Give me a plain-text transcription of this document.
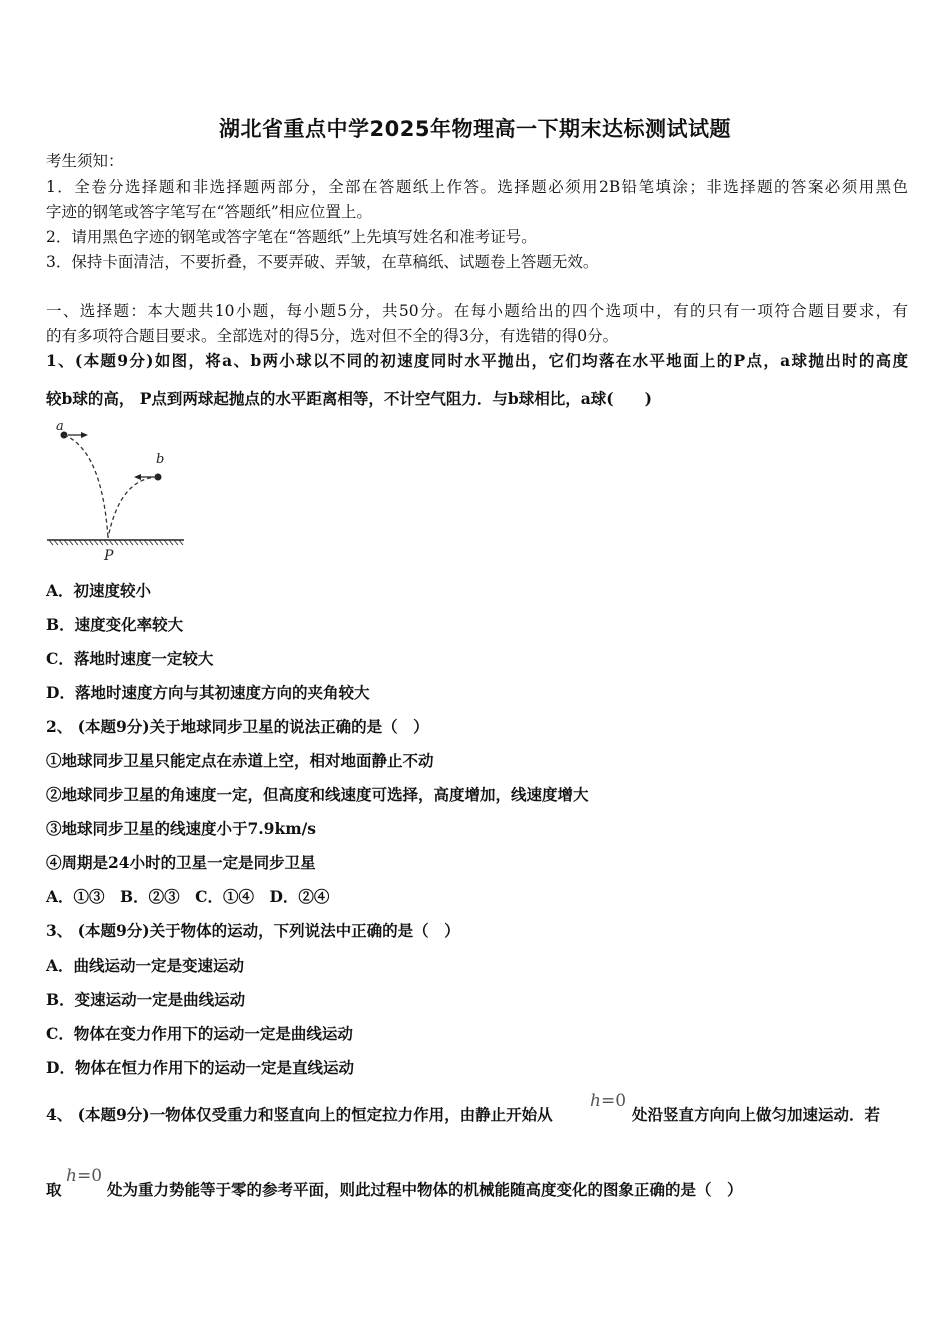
湖北省重点中学2025年物理高一下期末达标测试试题
考生须知：
1．全卷分选择题和非选择题两部分，全部在答题纸上作答。选择题必须用2B铅笔填涂；非选择题的答案必须用黑色
字迹的钢笔或答字笔写在“答题纸”相应位置上。
2．请用黑色字迹的钢笔或答字笔在“答题纸”上先填写姓名和准考证号。
3．保持卡面清洁，不要折叠，不要弄破、弄皱，在草稿纸、试题卷上答题无效。
一、选择题：本大题共10小题，每小题5分，共50分。在每小题给出的四个选项中，有的只有一项符合题目要求，有
的有多项符合题目要求。全部选对的得5分，选对但不全的得3分，有选错的得0分。
1、(本题9分)如图，将a、b两小球以不同的初速度同时水平抛出，它们均落在水平地面上的P点，a球抛出时的高度
较b球的高， P点到两球起抛点的水平距离相等，不计空气阻力．与b球相比，a球(　　)
a
b
P
A．初速度较小
B．速度变化率较大
C．落地时速度一定较大
D．落地时速度方向与其初速度方向的夹角较大
2、 (本题9分)关于地球同步卫星的说法正确的是（　）
①地球同步卫星只能定点在赤道上空，相对地面静止不动
②地球同步卫星的角速度一定，但高度和线速度可选择，高度增加，线速度增大
③地球同步卫星的线速度小于7.9km/s
④周期是24小时的卫星一定是同步卫星
A．①③　B．②③　C．①④　D．②④
3、 (本题9分)关于物体的运动，下列说法中正确的是（　）
A．曲线运动一定是变速运动
B．变速运动一定是曲线运动
C．物体在变力作用下的运动一定是曲线运动
D．物体在恒力作用下的运动一定是直线运动
4、 (本题9分)一物体仅受重力和竖直向上的恒定拉力作用，由静止开始从
h=0
处沿竖直方向向上做匀加速运动．若
取
h=0
处为重力势能等于零的参考平面，则此过程中物体的机械能随高度变化的图象正确的是（　）
